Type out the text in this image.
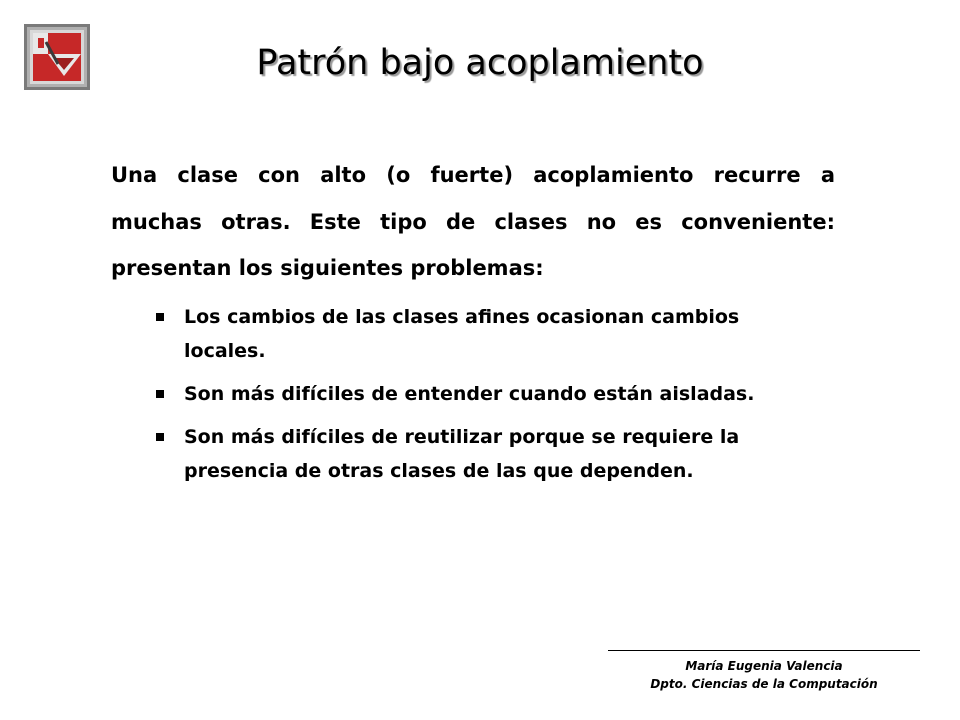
Patrón bajo acoplamiento

Una clase con alto (o fuerte) acoplamiento recurre a
muchas otras. Este tipo de clases no es conveniente:
presentan los siguientes problemas:

Los cambios de las clases afines ocasionan cambios
locales.
Son más difíciles de entender cuando están aisladas.
Son más difíciles de reutilizar porque se requiere la
presencia de otras clases de las que dependen.
María Eugenia Valencia
Dpto. Ciencias de la Computación
